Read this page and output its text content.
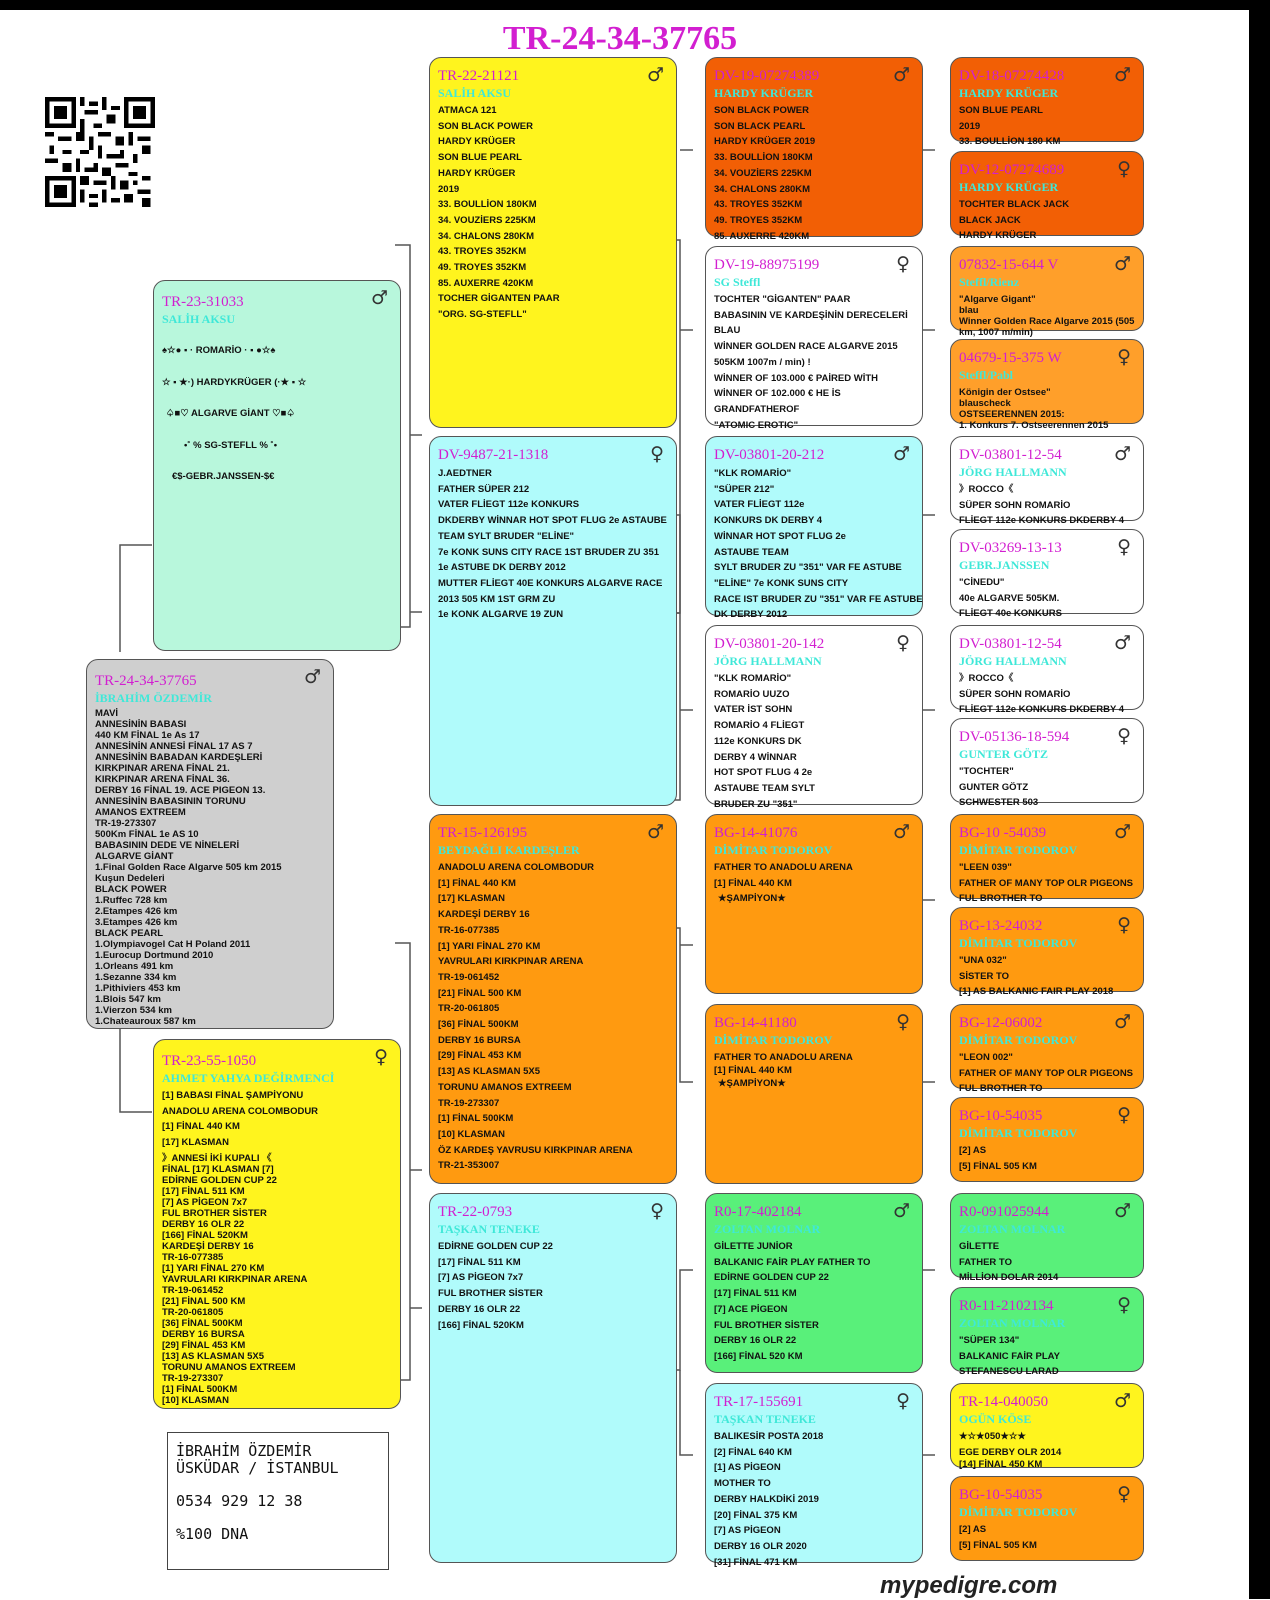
TR-24-34-37765
TR-24-34-37765
İBRAHİM ÖZDEMİR
♂
MAVİ
ANNESİNİN BABASI
440 KM FİNAL 1e As 17
ANNESİNİN ANNESİ FİNAL 17 AS 7
ANNESİNİN BABADAN KARDEŞLERİ
KIRKPINAR ARENA FİNAL 21.
KIRKPINAR ARENA FİNAL 36.
DERBY 16 FİNAL 19. ACE PIGEON 13.
ANNESİNİN BABASININ TORUNU
AMANOS EXTREEM
TR-19-273307
500Km FİNAL 1e AS 10
BABASININ DEDE VE NİNELERİ
ALGARVE GİANT
1.Final Golden Race Algarve 505 km 2015
Kuşun Dedeleri
BLACK POWER
1.Ruffec 728 km
2.Etampes 426 km
3.Etampes 426 km
BLACK PEARL
1.Olympiavogel Cat H Poland 2011
1.Eurocup Dortmund 2010
1.Orleans 491 km
1.Sezanne 334 km
1.Pithiviers 453 km
1.Blois 547 km
1.Vierzon 534 km
1.Chateauroux 587 km
TR-23-31033
SALİH AKSU
♂
♠☆● ▪ · ROMARİO · ▪ ●☆♠
☆ ▪ ★·) HARDYKRÜGER (·★ ▪ ☆
♤■♡ ALGARVE GİANT ♡■♤
•˚ % SG-STEFLL % ˚•
€$-GEBR.JANSSEN-$€
TR-23-55-1050
AHMET YAHYA DEĞİRMENCİ
♀
[1] BABASI FİNAL ŞAMPİYONU
ANADOLU ARENA COLOMBODUR
[1] FİNAL 440 KM
[17] KLASMAN
》ANNESİ İKİ KUPALI 《
FİNAL [17] KLASMAN [7]
EDİRNE GOLDEN CUP 22
[17] FİNAL 511 KM
[7] AS PİGEON 7x7
FUL BROTHER SİSTER
DERBY 16 OLR 22
[166] FİNAL 520KM
KARDEŞİ DERBY 16
TR-16-077385
[1] YARI FİNAL 270 KM
YAVRULARI KIRKPINAR ARENA
TR-19-061452
[21] FİNAL 500 KM
TR-20-061805
[36] FİNAL 500KM
DERBY 16 BURSA
[29] FİNAL 453 KM
[13] AS KLASMAN 5X5
TORUNU AMANOS EXTREEM
TR-19-273307
[1] FİNAL 500KM
[10] KLASMAN
TR-22-21121
SALİH AKSU
♂
ATMACA 121
SON BLACK POWER
HARDY KRÜGER
SON BLUE PEARL
HARDY KRÜGER
2019
33. BOULLİON 180KM
34. VOUZİERS 225KM
34. CHALONS 280KM
43. TROYES 352KM
49. TROYES 352KM
85. AUXERRE 420KM
TOCHER GİGANTEN PAAR
"ORG. SG-STEFLL"
DV-9487-21-1318	♀
J.AEDTNER
FATHER SÜPER 212
VATER FLİEGT 112e KONKURS
DKDERBY WİNNAR HOT SPOT FLUG 2e ASTAUBE
TEAM SYLT BRUDER "ELİNE"
7e KONK SUNS CITY RACE 1ST BRUDER ZU 351
1e ASTUBE DK DERBY 2012
MUTTER FLİEGT 40E KONKURS ALGARVE RACE
2013 505 KM 1ST GRM ZU
1e KONK ALGARVE 19 ZUN
TR-15-126195
BEYDAĞLI KARDEŞLER
♂
ANADOLU ARENA COLOMBODUR
[1] FİNAL 440 KM
[17] KLASMAN
KARDEŞİ DERBY 16
TR-16-077385
[1] YARI FİNAL 270 KM
YAVRULARI KIRKPINAR ARENA
TR-19-061452
[21] FİNAL 500 KM
TR-20-061805
[36] FİNAL 500KM
DERBY 16 BURSA
[29] FİNAL 453 KM
[13] AS KLASMAN 5X5
TORUNU AMANOS EXTREEM
TR-19-273307
[1] FİNAL 500KM
[10] KLASMAN
ÖZ KARDEŞ YAVRUSU KIRKPINAR ARENA
TR-21-353007
TR-22-0793
TAŞKAN TENEKE
♀
EDİRNE GOLDEN CUP 22
[17] FİNAL 511 KM
[7] AS PİGEON 7x7
FUL BROTHER SİSTER
DERBY 16 OLR 22
[166] FİNAL 520KM
DV-19-07274389
HARDY KRÜGER
♂
SON BLACK POWER
SON BLACK PEARL
HARDY KRÜGER 2019
33. BOULLİON 180KM
34. VOUZİERS 225KM
34. CHALONS 280KM
43. TROYES 352KM
49. TROYES 352KM
85. AUXERRE 420KM
DV-19-88975199
SG Steffl
♀
TOCHTER "GİGANTEN" PAAR
BABASININ VE KARDEŞİNİN DERECELERİ
BLAU
WİNNER GOLDEN RACE ALGARVE 2015
505KM 1007m / min) !
WİNNER OF 103.000 € PAİRED WİTH
WİNNER OF 102.000 € HE İS
GRANDFATHEROF
"ATOMIC EROTIC"
DV-03801-20-212	♂
"KLK ROMARİO"
"SÜPER 212"
VATER FLİEGT 112e
KONKURS DK DERBY 4
WİNNAR HOT SPOT FLUG 2e
ASTAUBE TEAM
SYLT BRUDER ZU "351" VAR FE ASTUBE
"ELİNE" 7e KONK SUNS CITY
RACE IST BRUDER ZU "351" VAR FE ASTUBE
DK DERBY 2012
DV-03801-20-142
JÖRG HALLMANN
♀
"KLK ROMARİO"
ROMARİO UUZO
VATER İST SOHN
ROMARİO 4 FLİEGT
112e KONKURS DK
DERBY 4 WİNNAR
HOT SPOT FLUG 4 2e
ASTAUBE TEAM SYLT
BRUDER ZU "351"
BG-14-41076
DİMİTAR TODOROV
♂
FATHER TO ANADOLU ARENA
[1] FİNAL 440 KM
★ŞAMPİYON★
BG-14-41180
DİMİTAR TODOROV
♀
FATHER TO ANADOLU ARENA
[1] FİNAL 440 KM
★ŞAMPİYON★
R0-17-402184
ZOLTAN MOLNAR
♂
GİLETTE JUNİOR
BALKANIC FAİR PLAY FATHER TO
EDİRNE GOLDEN CUP 22
[17] FİNAL 511 KM
[7] ACE PİGEON
FUL BROTHER SİSTER
DERBY 16 OLR 22
[166] FİNAL 520 KM
TR-17-155691
TAŞKAN TENEKE
♀
BALIKESİR POSTA 2018
[2] FİNAL 640 KM
[1] AS PİGEON
MOTHER TO
DERBY HALKDİKİ 2019
[20] FİNAL 375 KM
[7] AS PİGEON
DERBY 16 OLR 2020
[31] FİNAL 471 KM
DV-18-07274428
HARDY KRÜGER
♂
SON BLUE PEARL
2019
33. BOULLİON 180 KM
DV-12-07274689
HARDY KRÜGER
♀
TOCHTER BLACK JACK
BLACK JACK
HARDY KRÜGER
07832-15-644 V
Steffl/Rienz
♂
"Algarve Gigant"
blau
Winner Golden Race Algarve 2015 (505
km, 1007 m/min)
04679-15-375 W
Steffl/Pabl
♀
Königin der Ostsee"
blauscheck
OSTSEERENNEN 2015:
1. Konkurs 7. Ostseerennen 2015
DV-03801-12-54
JÖRG HALLMANN
♂
》ROCCO《
SÜPER SOHN ROMARİO
FLİEGT 112e KONKURS DKDERBY 4
DV-03269-13-13
GEBR.JANSSEN
♀
"CİNEDU"
40e ALGARVE 505KM.
FLİEGT 40e KONKURS
DV-03801-12-54
JÖRG HALLMANN
♂
》ROCCO《
SÜPER SOHN ROMARİO
FLİEGT 112e KONKURS DKDERBY 4
DV-05136-18-594
GUNTER GÖTZ
♀
"TOCHTER"
GUNTER GÖTZ
SCHWESTER 503
BG-10 -54039
DİMİTAR TODOROV
♂
"LEEN 039"
FATHER OF MANY TOP OLR PIGEONS
FUL BROTHER TO
BG-13-24032
DİMİTAR TODOROV
♀
"UNA 032"
SİSTER TO
[1] AS BALKANIC FAIR PLAY 2018
BG-12-06002
DİMİTAR TODOROV
♂
"LEON 002"
FATHER OF MANY TOP OLR PIGEONS
FUL BROTHER TO
BG-10-54035
DİMİTAR TODOROV
♀
[2] AS
[5] FİNAL 505 KM
R0-091025944
ZOLTAN MOLNAR
♂
GİLETTE
FATHER TO
MİLLİON DOLAR 2014
R0-11-2102134
ZOLTAN MOLNAR
♀
"SÜPER 134"
BALKANIC FAİR PLAY
STEFANESCU LARAD
TR-14-040050
OGÜN KÖSE
♂
★☆★050★☆★
EGE DERBY OLR 2014
[14] FİNAL 450 KM
BG-10-54035
DİMİTAR TODOROV
♀
[2] AS
[5] FİNAL 505 KM
İBRAHİM ÖZDEMİR
ÜSKÜDAR / İSTANBUL
0534 929 12 38
%100 DNA
mypedigre.com
